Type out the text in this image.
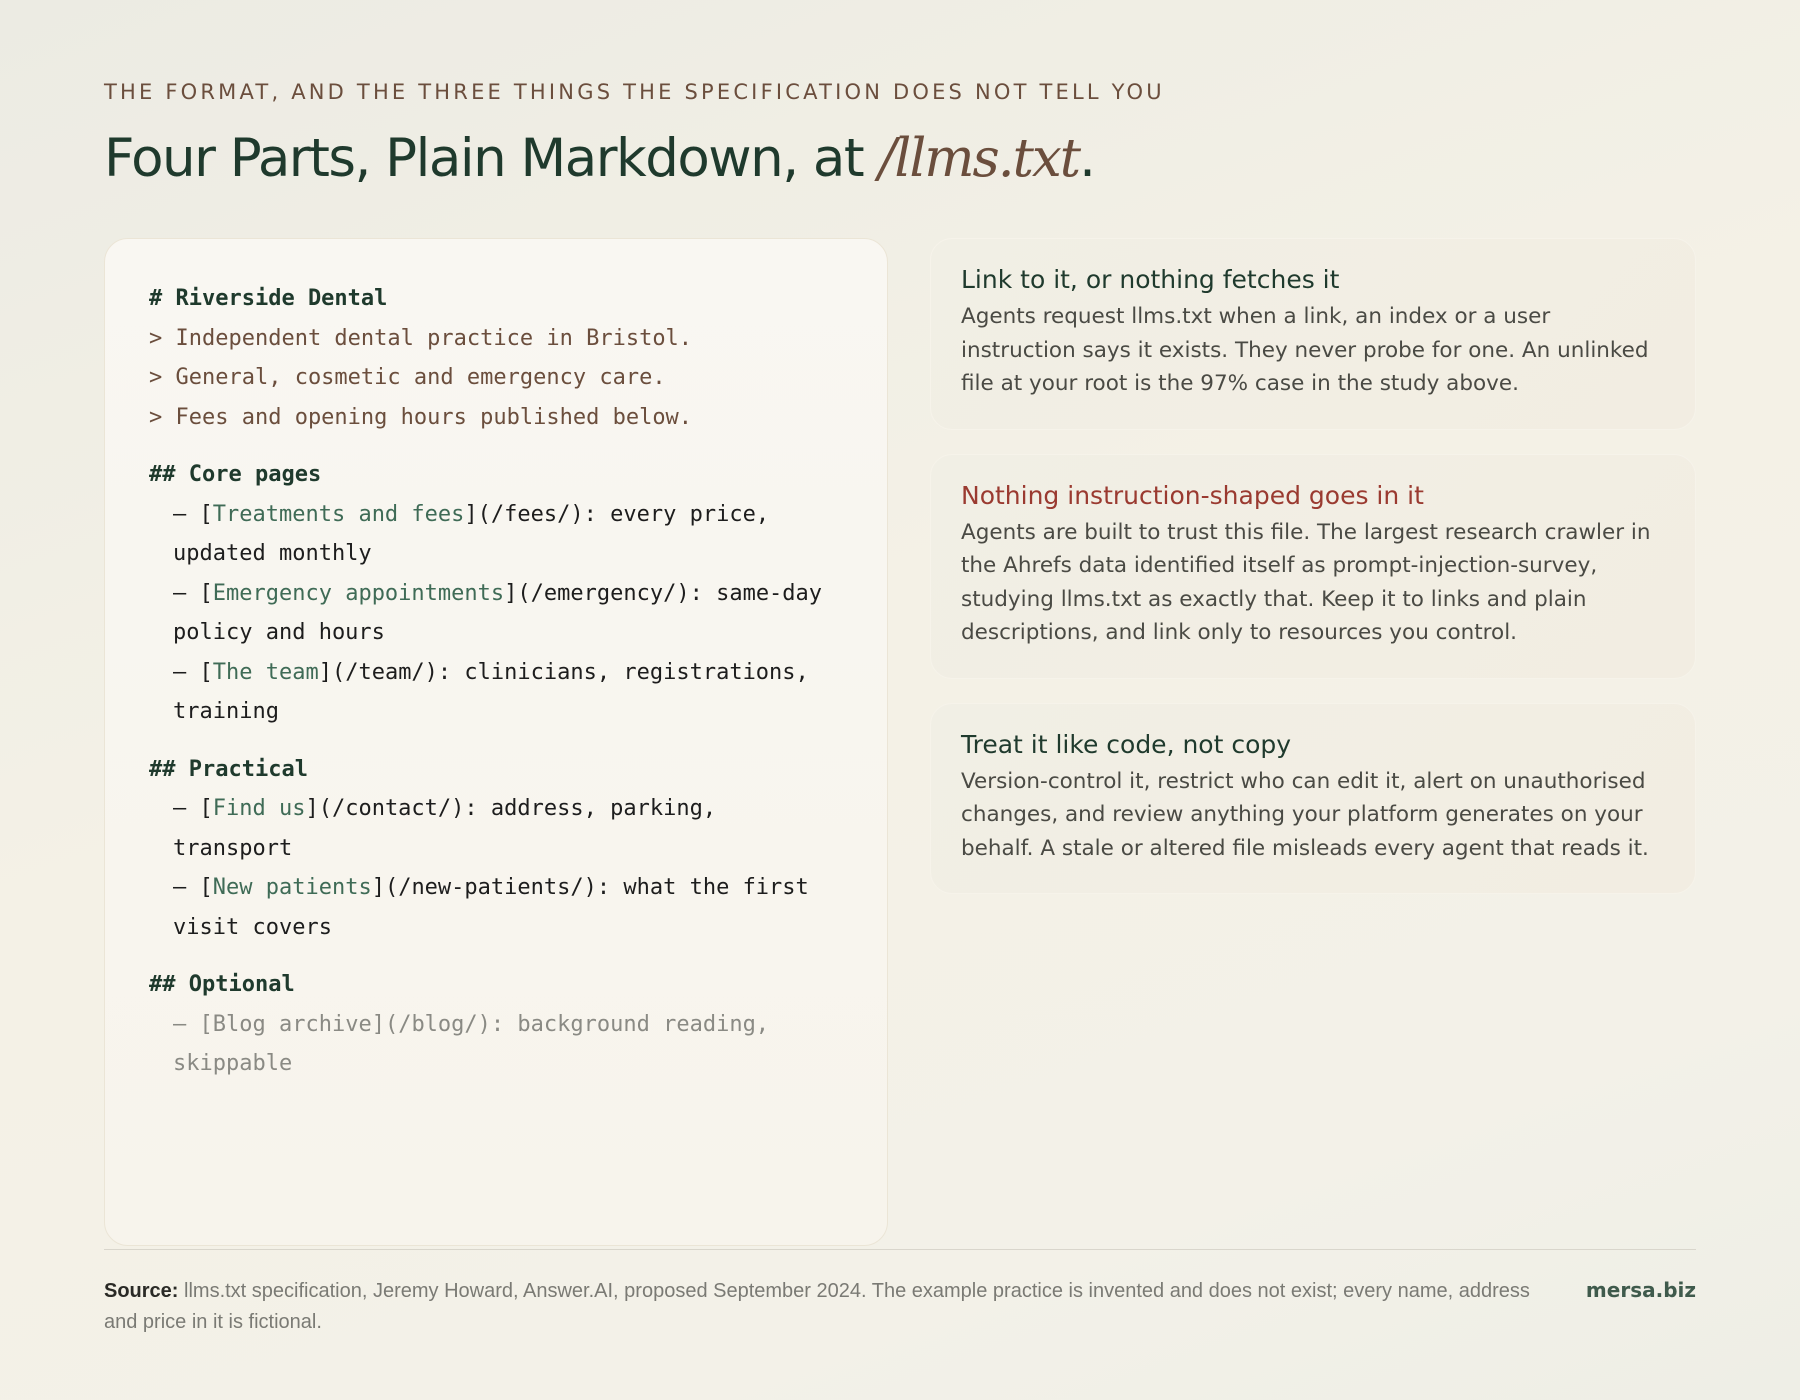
THE FORMAT, AND THE THREE THINGS THE SPECIFICATION DOES NOT TELL YOU
Four Parts, Plain Markdown, at /llms.txt.
# Riverside Dental
> Independent dental practice in Bristol.
> General, cosmetic and emergency care.
> Fees and opening hours published below.
## Core pages
– [Treatments and fees](/fees/): every price, updated monthly
– [Emergency appointments](/emergency/): same-day policy and hours
– [The team](/team/): clinicians, registrations, training
## Practical
– [Find us](/contact/): address, parking, transport
– [New patients](/new-patients/): what the first visit covers
## Optional
– [Blog archive](/blog/): background reading, skippable
Link to it, or nothing fetches it

Agents request llms.txt when a link, an index or a user instruction says it exists. They never probe for one. An unlinked file at your root is the 97% case in the study above.

Nothing instruction-shaped goes in it

Agents are built to trust this file. The largest research crawler in the Ahrefs data identified itself as prompt-injection-survey, studying llms.txt as exactly that. Keep it to links and plain descriptions, and link only to resources you control.

Treat it like code, not copy

Version-control it, restrict who can edit it, alert on unauthorised changes, and review anything your platform generates on your behalf. A stale or altered file misleads every agent that reads it.

Source: llms.txt specification, Jeremy Howard, Answer.AI, proposed September 2024. The example practice is invented and does not exist; every name, address and price in it is fictional.
mersa.biz
